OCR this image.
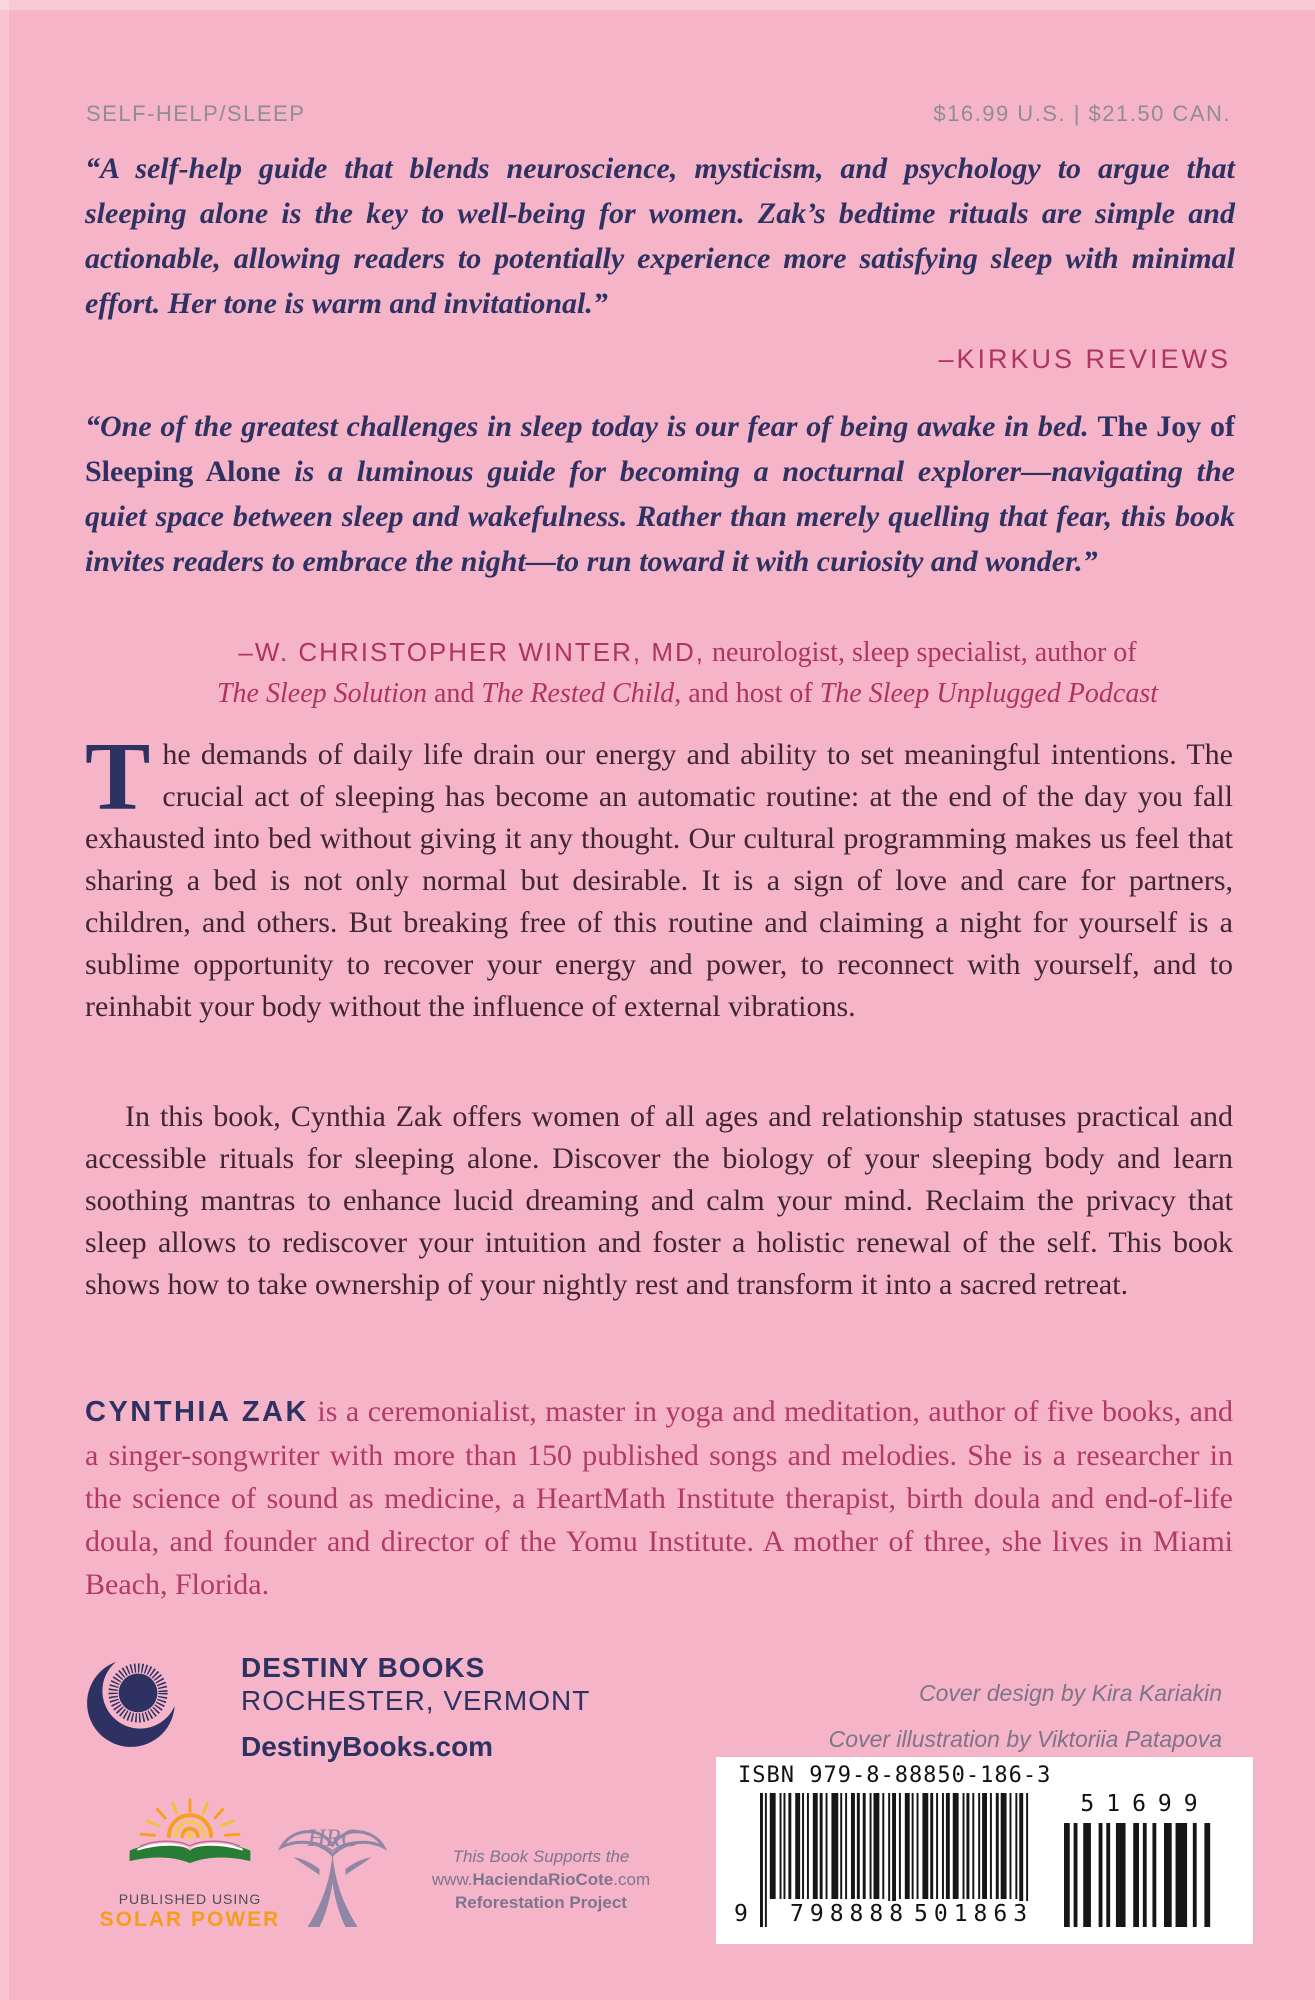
SELF-HELP/SLEEP	$16.99 U.S. | $21.50 CAN.
“A self-help guide that blends neuroscience, mysticism, and psychology to argue that sleeping alone is the key to well-being for women. Zak’s bedtime rituals are simple and actionable, allowing readers to potentially experience more satisfying sleep with minimal effort. Her tone is warm and invitational.”
–KIRKUS REVIEWS
“One of the greatest challenges in sleep today is our fear of being awake in bed. The Joy of Sleeping Alone is a luminous guide for becoming a nocturnal explorer—navigating the quiet space between sleep and wakefulness. Rather than merely quelling that fear, this book invites readers to embrace the night—to run toward it with curiosity and wonder.”
–W. CHRISTOPHER WINTER, MD, neurologist, sleep specialist, author of
The Sleep Solution and The Rested Child, and host of The Sleep Unplugged Podcast
The demands of daily life drain our energy and ability to set meaningful intentions. The crucial act of sleeping has become an automatic routine: at the end of the day you fall exhausted into bed without giving it any thought. Our cultural programming makes us feel that sharing a bed is not only normal but desirable. It is a sign of love and care for partners, children, and others. But breaking free of this routine and claiming a night for yourself is a sublime opportunity to recover your energy and power, to reconnect with yourself, and to reinhabit your body without the influence of external vibrations.
In this book, Cynthia Zak offers women of all ages and relationship statuses practical and accessible rituals for sleeping alone. Discover the biology of your sleeping body and learn soothing mantras to enhance lucid dreaming and calm your mind. Reclaim the privacy that sleep allows to rediscover your intuition and foster a holistic renewal of the self. This book shows how to take ownership of your nightly rest and transform it into a sacred retreat.
CYNTHIA ZAK is a ceremonialist, master in yoga and meditation, author of five books, and a singer-songwriter with more than 150 published songs and melodies. She is a researcher in the science of sound as medicine, a HeartMath Institute therapist, birth doula and end-of-life doula, and founder and director of the Yomu Institute. A mother of three, she lives in Miami Beach, Florida.
DESTINY BOOKS
ROCHESTER, VERMONT
DestinyBooks.com
Cover design by Kira Kariakin
Cover illustration by Viktoriia Patapova
ISBN 979-8-88850-186-3
9 798888 501863
51699
PUBLISHED USING
SOLAR POWER
HRC
This Book Supports the
www.HaciendaRioCote.com
Reforestation Project
